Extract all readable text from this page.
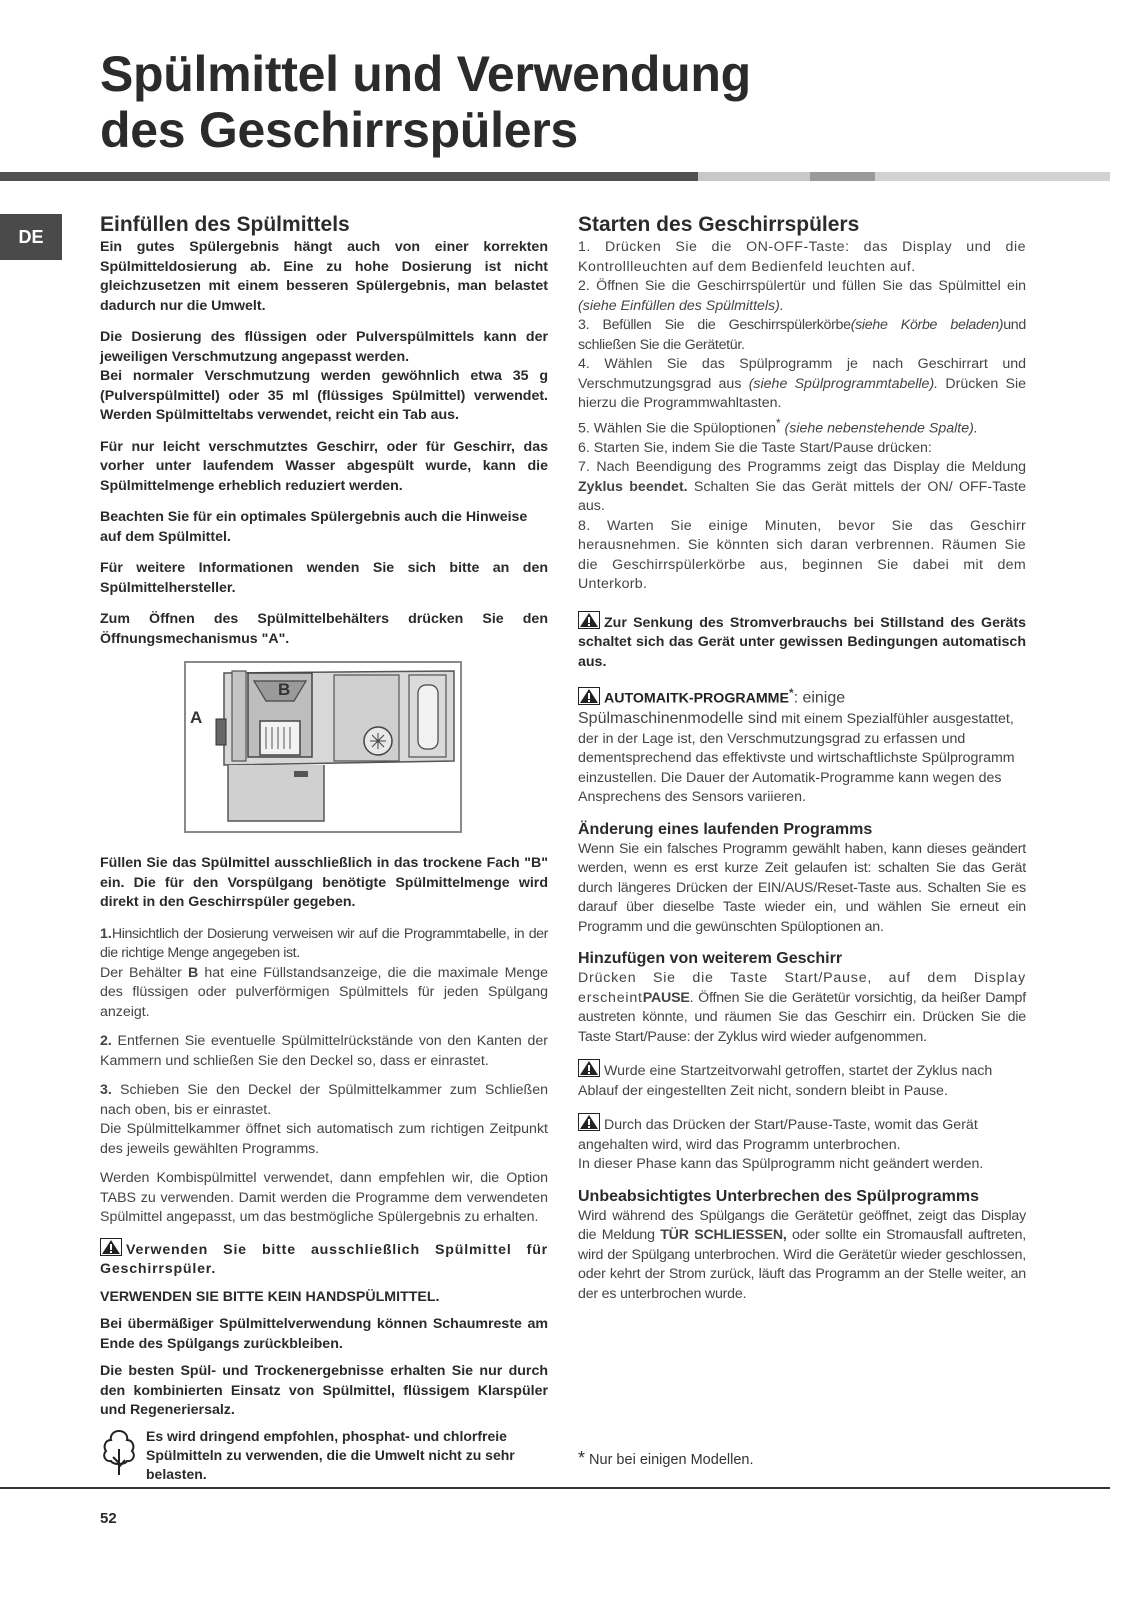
Spülmittel und Verwendung
des Geschirrspülers
DE
Einfüllen des Spülmittels

Ein gutes Spülergebnis hängt auch von einer korrekten Spülmitteldosierung ab. Eine zu hohe Dosierung ist nicht gleichzusetzen mit einem besseren Spülergebnis, man belastet dadurch nur die Umwelt.

Die Dosierung des flüssigen oder Pulverspülmittels kann der jeweiligen Verschmutzung angepasst werden.

Bei normaler Verschmutzung werden gewöhnlich etwa 35 g (Pulverspülmittel) oder 35 ml (flüssiges Spülmittel) verwendet. Werden Spülmitteltabs verwendet, reicht ein Tab aus.

Für nur leicht verschmutztes Geschirr, oder für Geschirr, das vorher unter laufendem Wasser abgespült wurde, kann die Spülmittelmenge erheblich reduziert werden.

Beachten Sie für ein optimales Spülergebnis auch die Hinweise auf dem Spülmittel.

Für weitere Informationen wenden Sie sich bitte an den Spülmittelhersteller.

Zum Öffnen des Spülmittelbehälters drücken Sie den Öffnungsmechanismus "A".

B
A

Füllen Sie das Spülmittel ausschließlich in das trockene Fach "B" ein. Die für den Vorspülgang benötigte Spülmittelmenge wird direkt in den Geschirrspüler gegeben.

1.Hinsichtlich der Dosierung verweisen wir auf die Programmtabelle, in der die richtige Menge angegeben ist.

Der Behälter B hat eine Füllstandsanzeige, die die maximale Menge des flüssigen oder pulverförmigen Spülmittels für jeden Spülgang anzeigt.

2. Entfernen Sie eventuelle Spülmittelrückstände von den Kanten der Kammern und schließen Sie den Deckel so, dass er einrastet.

3. Schieben Sie den Deckel der Spülmittelkammer zum Schließen nach oben, bis er einrastet.

Die Spülmittelkammer öffnet sich automatisch zum richtigen Zeitpunkt des jeweils gewählten Programms.

Werden Kombispülmittel verwendet, dann empfehlen wir, die Option TABS zu verwenden. Damit werden die Programme dem verwendeten Spülmittel angepasst, um das bestmögliche Spülergebnis zu erhalten.

Verwenden Sie bitte ausschließlich Spülmittel für Geschirrspüler.

VERWENDEN SIE BITTE KEIN HANDSPÜLMITTEL.

Bei übermäßiger Spülmittelverwendung können Schaumreste am Ende des Spülgangs zurückbleiben.

Die besten Spül- und Trockenergebnisse erhalten Sie nur durch den kombinierten Einsatz von Spülmittel, flüssigem Klarspüler und Regeneriersalz.

Es wird dringend empfohlen, phosphat- und chlorfreie Spülmitteln zu verwenden, die die Umwelt nicht zu sehr belasten.

Starten des Geschirrspülers

1. Drücken Sie die ON-OFF-Taste: das Display und die Kontrollleuchten auf dem Bedienfeld leuchten auf.

2. Öffnen Sie die Geschirrspülertür und füllen Sie das Spülmittel ein (siehe Einfüllen des Spülmittels).

3. Befüllen Sie die Geschirrspülerkörbe(siehe Körbe beladen)und schließen Sie die Gerätetür.

4. Wählen Sie das Spülprogramm je nach Geschirrart und Verschmutzungsgrad aus (siehe Spülprogrammtabelle). Drücken Sie hierzu die Programmwahltasten.

5. Wählen Sie die Spüloptionen* (siehe nebenstehende Spalte).

6. Starten Sie, indem Sie die Taste Start/Pause drücken:

7. Nach Beendigung des Programms zeigt das Display die Meldung Zyklus beendet. Schalten Sie das Gerät mittels der ON/ OFF-Taste aus.

8. Warten Sie einige Minuten, bevor Sie das Geschirr herausnehmen. Sie könnten sich daran verbrennen. Räumen Sie die Geschirrspülerkörbe aus, beginnen Sie dabei mit dem Unterkorb.

Zur Senkung des Stromverbrauchs bei Stillstand des Geräts schaltet sich das Gerät unter gewissen Bedingungen automatisch aus.

AUTOMAITK-PROGRAMME*: einige
Spülmaschinenmodelle sind mit einem Spezialfühler ausgestattet, der in der Lage ist, den Verschmutzungsgrad zu erfassen und dementsprechend das effektivste und wirtschaftlichste Spülprogramm einzustellen. Die Dauer der Automatik-Programme kann wegen des Ansprechens des Sensors variieren.

Änderung eines laufenden Programms

Wenn Sie ein falsches Programm gewählt haben, kann dieses geändert werden, wenn es erst kurze Zeit gelaufen ist: schalten Sie das Gerät durch längeres Drücken der EIN/AUS/Reset-Taste aus. Schalten Sie es darauf über dieselbe Taste wieder ein, und wählen Sie erneut ein Programm und die gewünschten Spüloptionen an.

Hinzufügen von weiterem Geschirr

Drücken Sie die Taste Start/Pause, auf dem Display erscheintPAUSE. Öffnen Sie die Gerätetür vorsichtig, da heißer Dampf austreten könnte, und räumen Sie das Geschirr ein. Drücken Sie die Taste Start/Pause: der Zyklus wird wieder aufgenommen.

Wurde eine Startzeitvorwahl getroffen, startet der Zyklus nach Ablauf der eingestellten Zeit nicht, sondern bleibt in Pause.

Durch das Drücken der Start/Pause-Taste, womit das Gerät angehalten wird, wird das Programm unterbrochen.

In dieser Phase kann das Spülprogramm nicht geändert werden.

Unbeabsichtigtes Unterbrechen des Spülprogramms

Wird während des Spülgangs die Gerätetür geöffnet, zeigt das Display die Meldung TÜR SCHLIESSEN, oder sollte ein Stromausfall auftreten, wird der Spülgang unterbrochen. Wird die Gerätetür wieder geschlossen, oder kehrt der Strom zurück, läuft das Programm an der Stelle weiter, an der es unterbrochen wurde.

* Nur bei einigen Modellen.
52
